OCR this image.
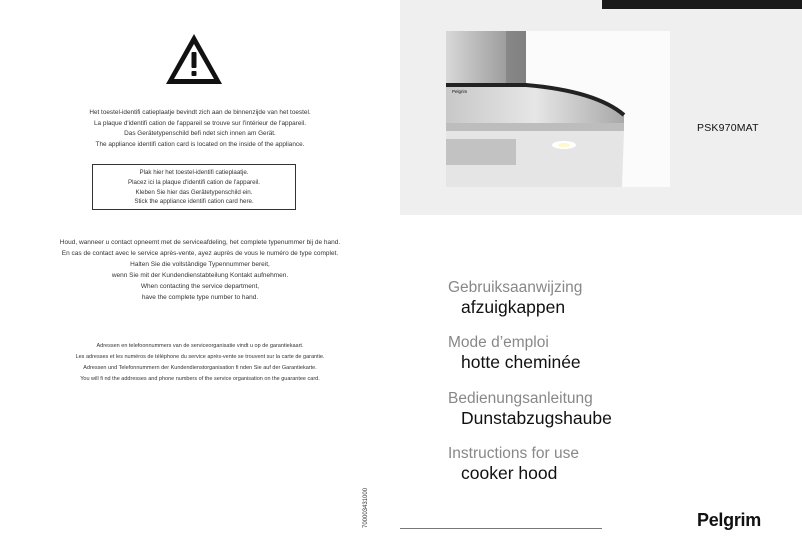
Het toestel-identifi catieplaatje bevindt zich aan de binnenzijde van het toestel.
La plaque d'identifi cation de l'appareil se trouve sur l'intérieur de l'appareil.
Das Gerätetypenschild befi ndet sich innen am Gerät.
The appliance identifi cation card is located on the inside of the appliance.
Plak hier het toestel-identifi catieplaatje.
Placez ici la plaque d'identifi cation de l'appareil.
Kleben Sie hier das Gerätetypenschild ein.
Stick the appliance identifi cation card here.
Houd, wanneer u contact opneemt met de serviceafdeling, het complete typenummer bij de hand.
En cas de contact avec le service après-vente, ayez auprès de vous le numéro de type complet.
Halten Sie die vollständige Typennummer bereit,
wenn Sie mit der Kundendienstabteilung Kontakt aufnehmen.
When contacting the service department,
have the complete type number to hand.
Adressen en telefoonnummers van de serviceorganisatie vindt u op de garantiekaart.
Les adresses et les numéros de téléphone du service après-vente se trouvent sur la carte de garantie.
Adressen und Telefonnummern der Kundendienstorganisation fi nden Sie auf der Garantiekarte.
You will fi nd the addresses and phone numbers of the service organisation on the guarantee card.
700003431000
Pelgrim
PSK970MAT
Gebruiksaanwijzing
afzuigkappen
Mode d’emploi
hotte cheminée
Bedienungsanleitung
Dunstabzugshaube
Instructions for use
cooker hood
Pelgrim
